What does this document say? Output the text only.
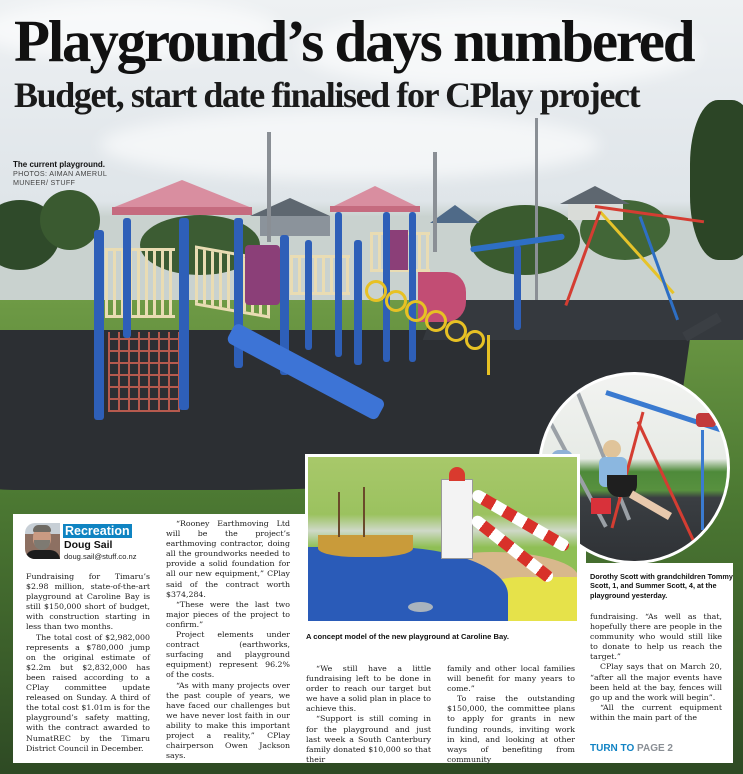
Playground’s days numbered
Budget, start date finalised for CPlay project
The current playground.
PHOTOS: AIMAN AMERUL MUNEER/ STUFF
A concept model of the new playground at Caroline Bay.
Dorothy Scott with grandchildren Tommy Scott, 1, and Summer Scott, 4, at the playground yesterday.
Recreation
Doug Sail
doug.sail@stuff.co.nz

Fundraising for Timaru’s $2.98 million, state-of-the-art playground at Caroline Bay is still $150,000 short of budget, with construction starting in less than two months.

The total cost of $2,982,000 represents a $780,000 jump on the original estimate of $2.2m but $2,832,000 has been raised according to a CPlay committee update released on Sunday. A third of the total cost $1.01m is for the playground’s safety matting, with the contract awarded to NumatREC by the Timaru District Council in December.

“Rooney Earthmoving Ltd will be the project’s earthmoving contractor, doing all the groundworks needed to provide a solid foundation for all our new equipment,” CPlay said of the contract worth $374,284.

“These were the last two major pieces of the project to confirm.”

Project elements under contract (earthworks, surfacing and playground equipment) represent 96.2% of the costs.

“As with many projects over the past couple of years, we have faced our challenges but we have never lost faith in our ability to make this important project a reality,” CPlay chairperson Owen Jackson says.

“We still have a little fundraising left to be done in order to reach our target but we have a solid plan in place to achieve this.

“Support is still coming in for the playground and just last week a South Canterbury family donated $10,000 so that their

family and other local families will benefit for many years to come.”

To raise the outstanding $150,000, the committee plans to apply for grants in new funding rounds, inviting work in kind, and looking at other ways of benefiting from community

fundraising. “As well as that, hopefully there are people in the community who would still like to donate to help us reach the target.”

CPlay says that on March 20, “after all the major events have been held at the bay, fences will go up and the work will begin”.

“All the current equipment within the main part of the

TURN TO PAGE 2
